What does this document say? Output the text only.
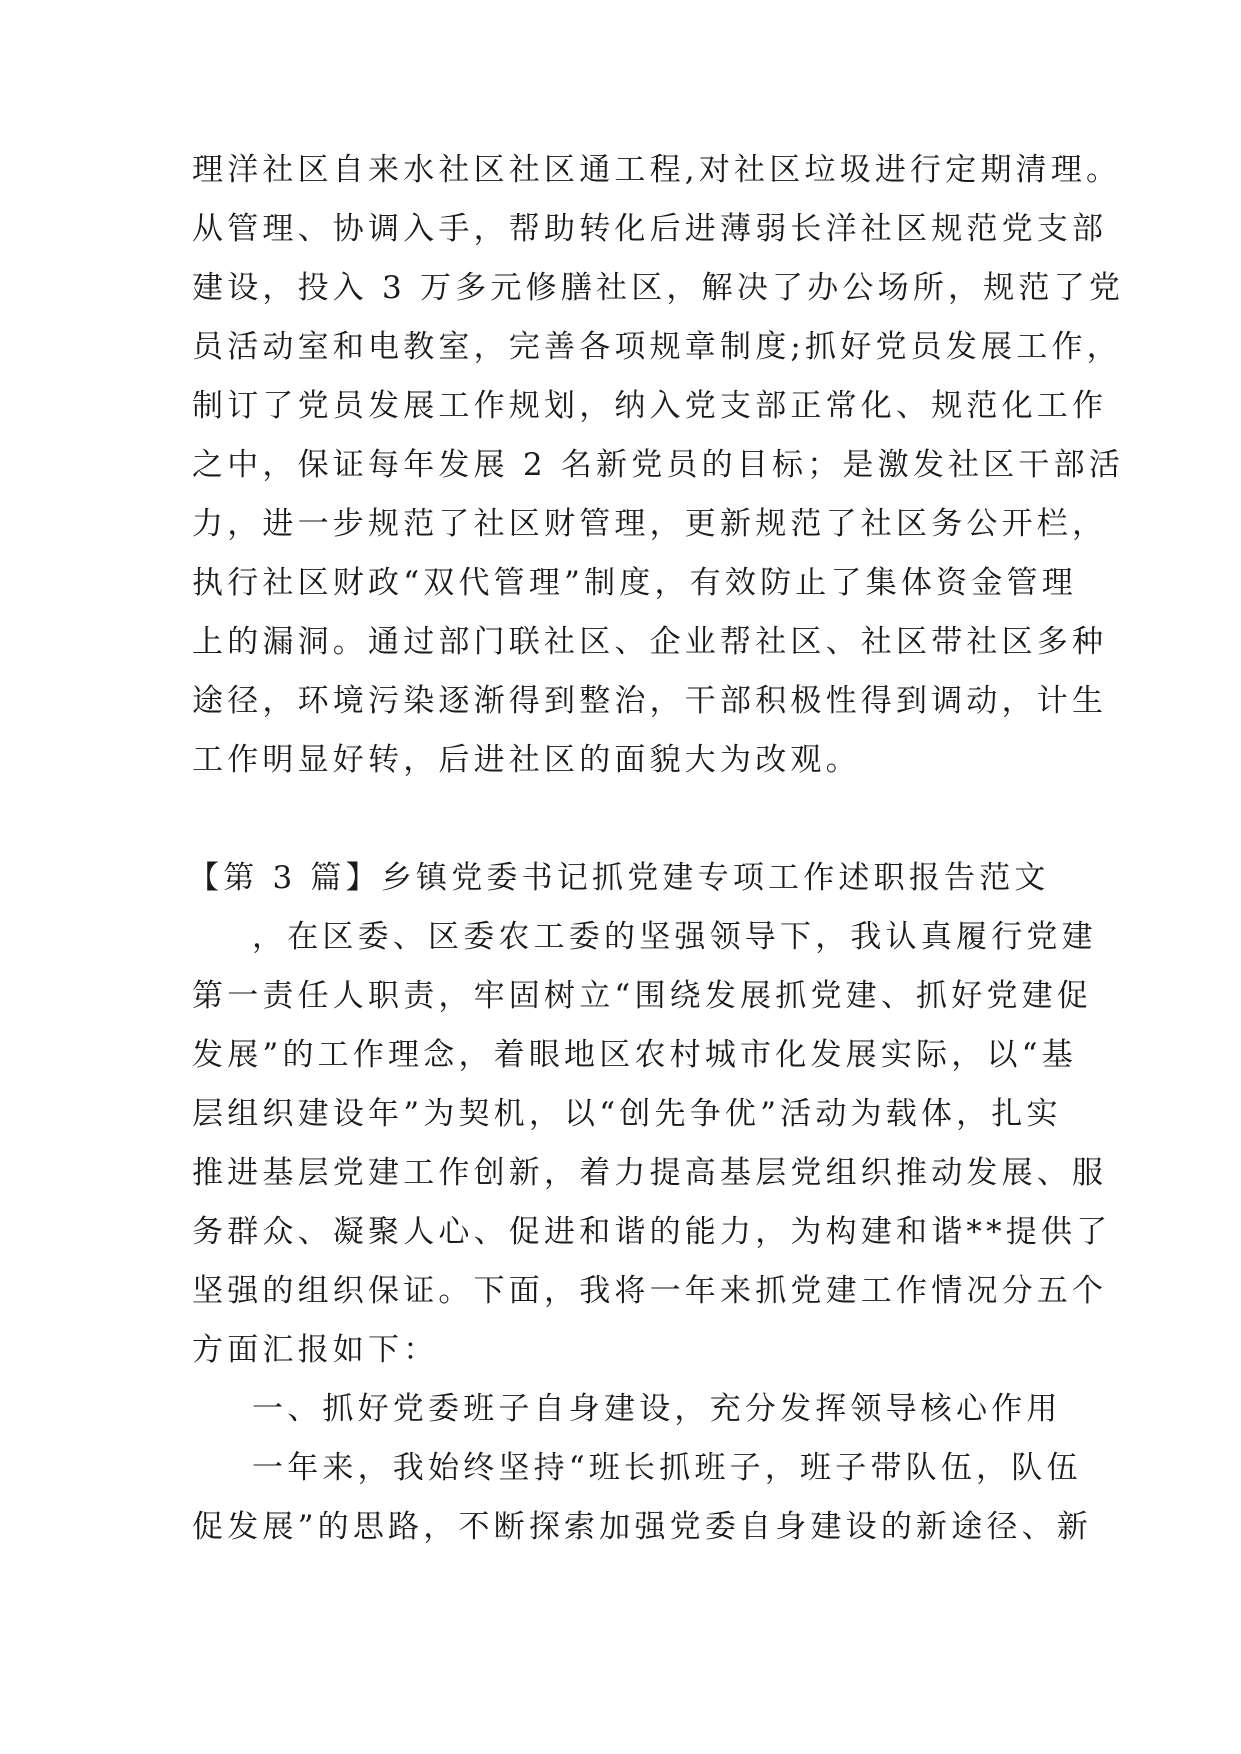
理洋社区自来水社区社区通工程,对社区垃圾进行定期清理。
从管理、协调入手，帮助转化后进薄弱长洋社区规范党支部
建设，投入 3 万多元修膳社区，解决了办公场所，规范了党
员活动室和电教室，完善各项规章制度;抓好党员发展工作，
制订了党员发展工作规划，纳入党支部正常化、规范化工作
之中，保证每年发展 2 名新党员的目标；是激发社区干部活
力，进一步规范了社区财管理，更新规范了社区务公开栏，
执行社区财政“双代管理”制度，有效防止了集体资金管理
上的漏洞。通过部门联社区、企业帮社区、社区带社区多种
途径，环境污染逐渐得到整治，干部积极性得到调动，计生
工作明显好转，后进社区的面貌大为改观。
【第 3 篇】乡镇党委书记抓党建专项工作述职报告范文
，在区委、区委农工委的坚强领导下，我认真履行党建
第一责任人职责，牢固树立“围绕发展抓党建、抓好党建促
发展”的工作理念，着眼地区农村城市化发展实际，以“基
层组织建设年”为契机，以“创先争优”活动为载体，扎实
推进基层党建工作创新，着力提高基层党组织推动发展、服
务群众、凝聚人心、促进和谐的能力，为构建和谐**提供了
坚强的组织保证。下面，我将一年来抓党建工作情况分五个
方面汇报如下：
一、抓好党委班子自身建设，充分发挥领导核心作用
一年来，我始终坚持“班长抓班子，班子带队伍，队伍
促发展”的思路，不断探索加强党委自身建设的新途径、新
